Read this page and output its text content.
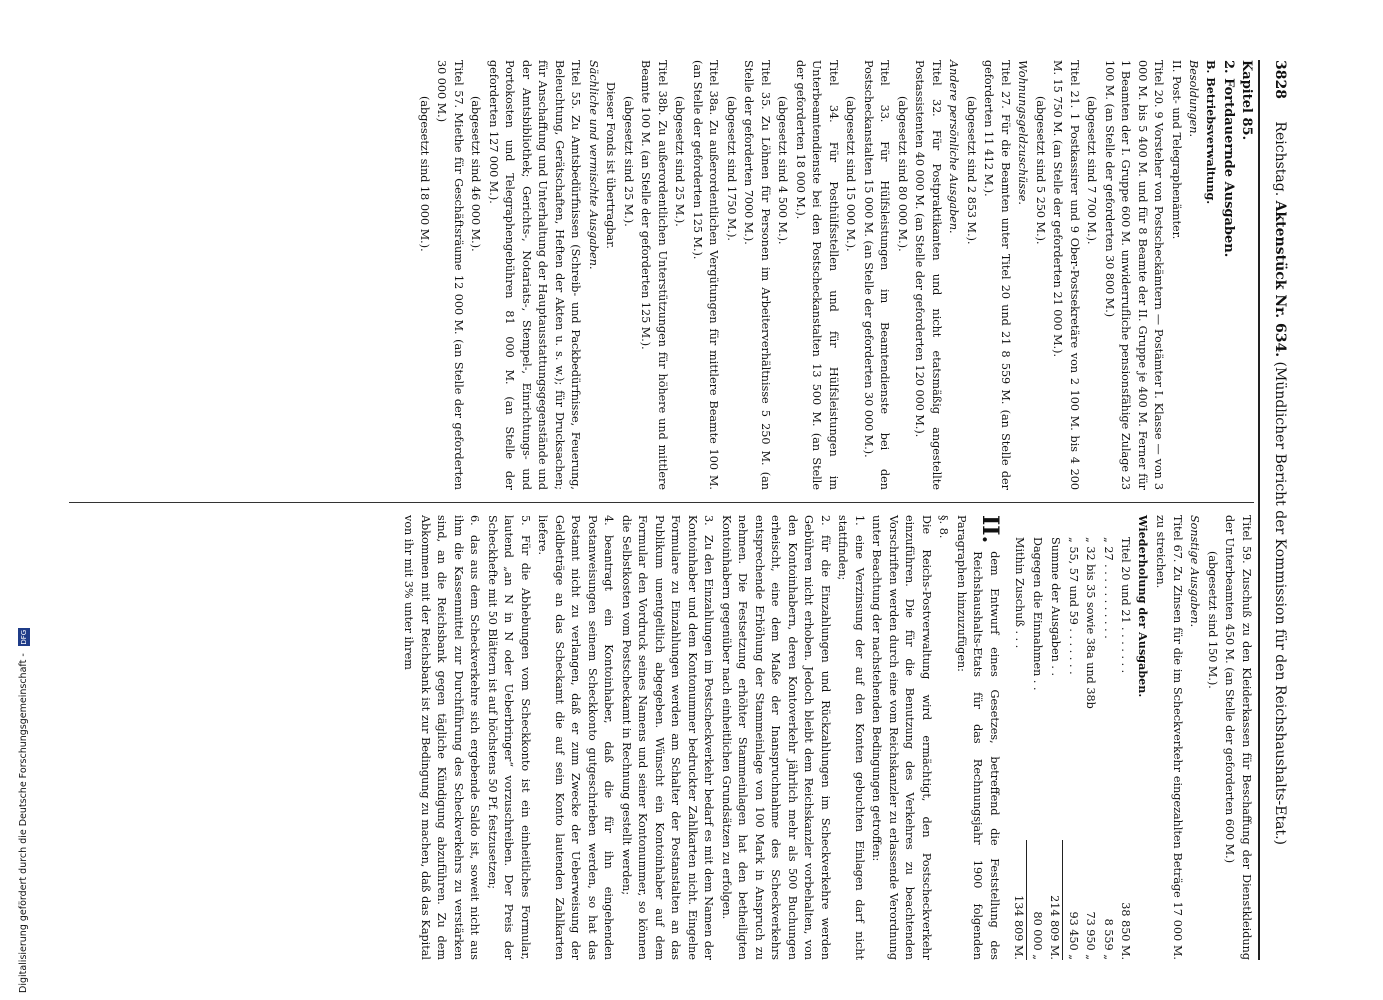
3828 Reichstag. Aktenstück Nr. 634. (Mündlicher Bericht der Kommission für den Reichshaushalts-Etat.)

Kapitel 85.

2. Fortdauernde Ausgaben.

B. Betriebsverwaltung.

Besoldungen.

II. Post- und Telegraphenämter.

Titel 20. 9 Vorsteher von Postscheckämtern — Postämter I. Klasse — von 3 000 M. bis 5 400 M. und für 8 Beamte der II. Gruppe je 400 M. Ferner für 1 Beamten der I. Gruppe 600 M. unwiderrufliche pensionsfähige Zulage 23 100 M. (an Stelle der geforderten 30 800 M.)

(abgesetzt sind 7 700 M.).

Titel 21. 1 Postkassirer und 9 Ober-Postsekretäre von 2 100 M. bis 4 200 M. 15 750 M. (an Stelle der geforderten 21 000 M.).

(abgesetzt sind 5 250 M.).

Wohnungsgeldzuschüsse.

Titel 27. Für die Beamten unter Titel 20 und 21 8 559 M. (an Stelle der geforderten 11 412 M.).

(abgesetzt sind 2 853 M.).

Andere persönliche Ausgaben.

Titel 32. Für Postpraktikanten und nicht etatsmäßig angestellte Postassistenten 40 000 M. (an Stelle der geforderten 120 000 M.).

(abgesetzt sind 80 000 M.).

Titel 33. Für Hülfsleistungen im Beamtendienste bei den Postscheckanstalten 15 000 M. (an Stelle der geforderten 30 000 M.).

(abgesetzt sind 15 000 M.).

Titel 34. Für Posthülfsstellen und für Hülfsleistungen im Unterbeamtendienste bei den Postscheckanstalten 13 500 M. (an Stelle der geforderten 18 000 M.).

(abgesetzt sind 4 500 M.).

Titel 35. Zu Löhnen für Personen im Arbeiterverhältnisse 5 250 M. (an Stelle der geforderten 7000 M.).

(abgesetzt sind 1750 M.).

Titel 38a. Zu außerordentlichen Vergütungen für mittlere Beamte 100 M. (an Stelle der geforderten 125 M.).

(abgesetzt sind 25 M.).

Titel 38b. Zu außerordentlichen Unterstützungen für höhere und mittlere Beamte 100 M. (an Stelle der geforderten 125 M.).

(abgesetzt sind 25 M.).

Dieser Fonds ist übertragbar.

Sächliche und vermischte Ausgaben.

Titel 55. Zu Amtsbedürfnissen (Schreib- und Packbedürfnisse, Feuerung, Beleuchtung, Gerätschaften, Heften der Akten u. s. w.); für Drucksachen; für Anschaffung und Unterhaltung der Hauptausstattungsgegenstände und der Amtsbibliothek; Gerichts-, Notariats-, Stempel-, Einrichtungs- und Portokosten und Telegraphengebühren 81 000 M. (an Stelle der geforderten 127 000 M.).

(abgesetzt sind 46 000 M.).

Titel 57. Miethe für Geschäftsräume 12 000 M. (an Stelle der geforderten 30 000 M.)

(abgesetzt sind 18 000 M.).

Titel 59. Zuschuß zu den Kleiderkassen für Beschaffung der Dienstkleidung der Unterbeamten 450 M. (an Stelle der geforderten 600 M.)

(abgesetzt sind 150 M.).

Sonstige Ausgaben.

Titel 67. Zu Zinsen für die im Scheckverkehr eingezahlten Beträge 17 000 M. zu streichen.

Wiederholung der Ausgaben.

Titel 20 und 21 . . . . . . .
38 850 M.

„ 27 . . . . . . . . . . .
8 559 „

„ 32 bis 35 sowie 38a und 38b
73 950 „

„ 55, 57 und 59 . . . . . . .
93 450 „

Summe der Ausgaben . .
214 809 M.

Dagegen die Einnahmen . .
80 000 „

Mithin Zuschuß . . .
134 809 M.

II.

dem Entwurf eines Gesetzes, betreffend die Feststellung des Reichshaushalts-Etats für das Rechnungsjahr 1900 folgenden Paragraphen hinzuzufügen:

§. 8.

Die Reichs-Postverwaltung wird ermächtigt, den Postscheckverkehr einzuführen. Die für die Benutzung des Verkehres zu beachtenden Vorschriften werden durch eine vom Reichskanzler zu erlassende Verordnung unter Beachtung der nachstehenden Bedingungen getroffen:

1.eine Verzinsung der auf den Konten gebuchten Einlagen darf nicht stattfinden;

2.für die Einzahlungen und Rückzahlungen im Scheckverkehre werden Gebühren nicht erhoben. Jedoch bleibt dem Reichskanzler vorbehalten, von den Kontoinhabern, deren Kontoverkehr jährlich mehr als 500 Buchungen erheischt, eine dem Maße der Inanspruchnahme des Scheckverkehrs entsprechende Erhöhung der Stammeinlage von 100 Mark in Anspruch zu nehmen. Die Festsetzung erhöhter Stammeinlagen hat den betheiligten Kontoinhabern gegenüber nach einheitlichen Grundsätzen zu erfolgen.

3.Zu den Einzahlungen im Postscheckverkehr bedarf es mit dem Namen der Kontoinhaber und dem Kontonummer bedruckter Zahlkarten nicht. Eingelne Formulare zu Einzahlungen werden am Schalter der Postanstalten an das Publikum unentgeltlich abgegeben. Wünscht ein Kontoinhaber auf dem Formular den Vordruck seines Namens und seiner Kontonummer, so können die Selbstkosten vom Postscheckamt in Rechnung gestellt werden;

4.beantragt ein Kontoinhaber, daß die für ihn eingehenden Postanweisungen seinem Scheckkonto gutgeschrieben werden, so hat das Postamt nicht zu verlangen, daß er zum Zwecke der Ueberweisung der Geldbeträge an das Scheckamt die auf sein Konto lautenden Zahlkarten liefere.

5.Für die Abhebungen vom Scheckkonto ist ein einheitliches Formular, lautend „an N in N oder Ueberbringer“ vorzuschreiben. Der Preis der Scheckhefte mit 50 Blättern ist auf höchstens 50 Pf. festzusetzen;

6.das aus dem Scheckverkehre sich ergebende Saldo ist, soweit nicht aus ihm die Kassenmittel zur Durchführung des Scheckverkehrs zu verstärken sind, an die Reichsbank gegen tägliche Kündigung abzuführen. Zu dem Abkommen mit der Reichsbank ist zur Bedingung zu machen, daß das Kapital von ihr mit 3% unter ihrem

Digitalisierung gefördert durch die Deutsche Forschungsgemeinschaft - DFG
